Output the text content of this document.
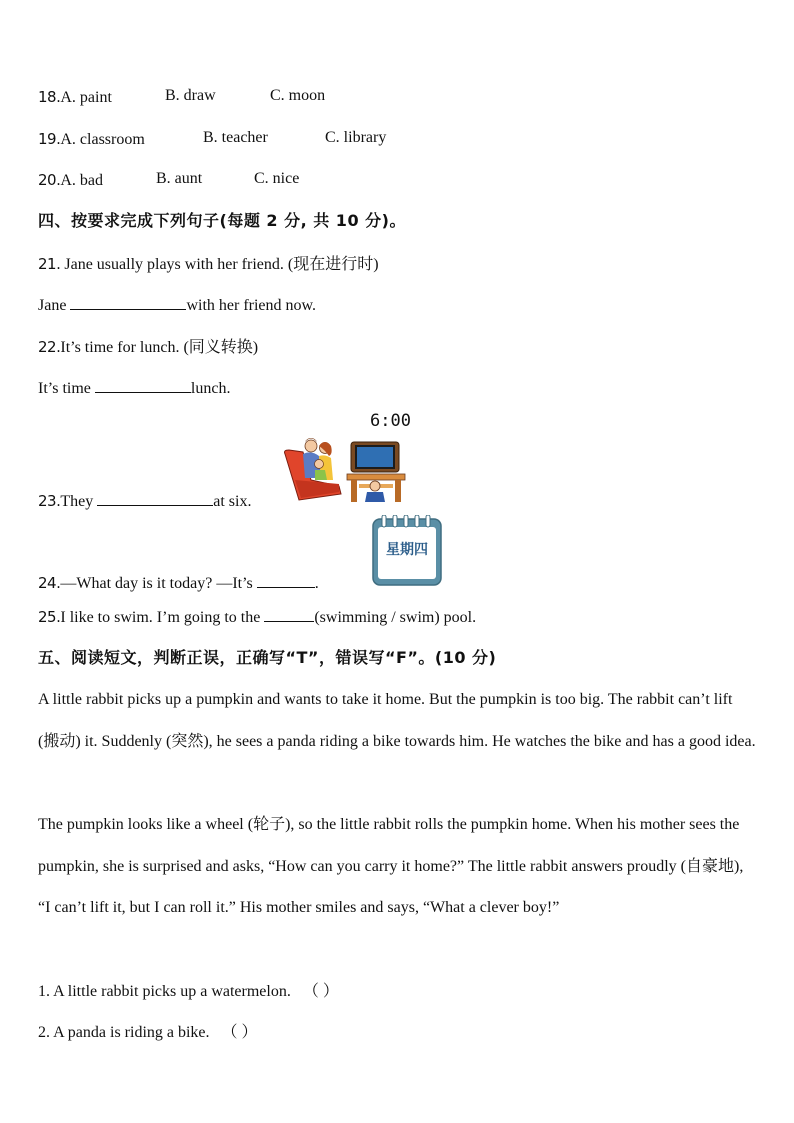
18.A. paint	B. draw	C. moon
19.A. classroom	B. teacher	C. library
20.A. bad	B. aunt	C. nice
四、按要求完成下列句子(每题 2 分, 共 10 分)。
21. Jane usually plays with her friend. (现在进行时)
Jane	with her friend now.
22.It’s time for lunch. (同义转换)
It’s time	lunch.
6:00
23.They	at six.
星期四
24.—What day is it today? —It’s	.
25.I like to swim. I’m going to the	(swimming / swim) pool.
五、阅读短文，判断正误，正确写“T”，错误写“F”。(10 分)
A little rabbit picks up a pumpkin and wants to take it home. But the pumpkin is too big. The rabbit can’t lift (搬动) it. Suddenly (突然), he sees a panda riding a bike towards him. He watches the bike and has a good idea.
The pumpkin looks like a wheel (轮子), so the little rabbit rolls the pumpkin home. When his mother sees the pumpkin, she is surprised and asks, “How can you carry it home?” The little rabbit answers proudly (自豪地), “I can’t lift it, but I can roll it.” His mother smiles and says, “What a clever boy!”
1. A little rabbit picks up a watermelon. （ ）
2. A panda is riding a bike. （ ）
